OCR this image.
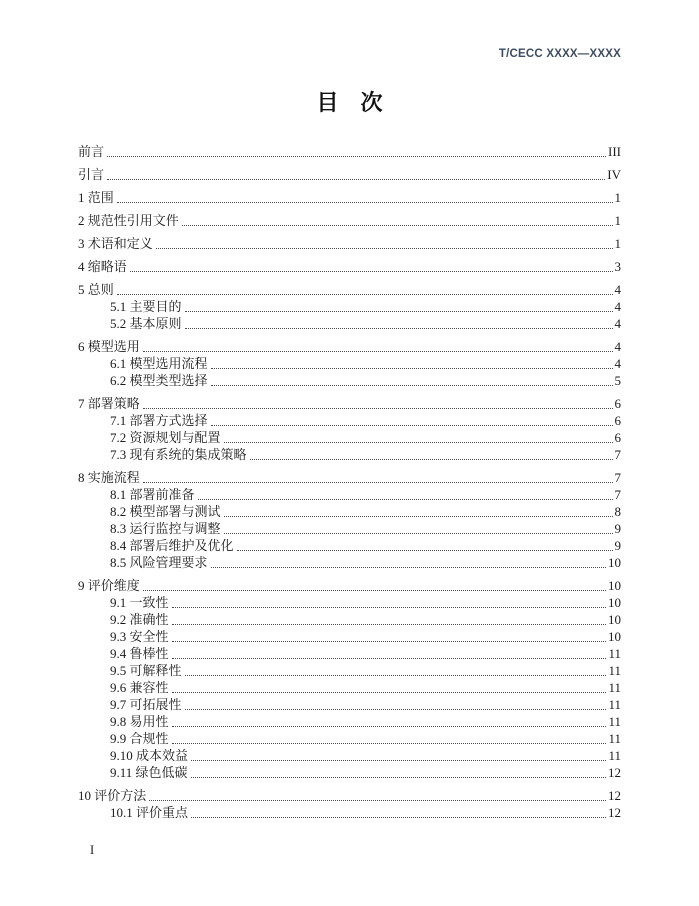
T/CECC XXXX—XXXX
目　次
前言	III
引言	IV
1 范围	1
2 规范性引用文件	1
3 术语和定义	1
4 缩略语	3
5 总则	4
5.1 主要目的	4
5.2 基本原则	4
6 模型选用	4
6.1 模型选用流程	4
6.2 模型类型选择	5
7 部署策略	6
7.1 部署方式选择	6
7.2 资源规划与配置	6
7.3 现有系统的集成策略	7
8 实施流程	7
8.1 部署前准备	7
8.2 模型部署与测试	8
8.3 运行监控与调整	9
8.4 部署后维护及优化	9
8.5 风险管理要求	10
9 评价维度	10
9.1 一致性	10
9.2 准确性	10
9.3 安全性	10
9.4 鲁棒性	11
9.5 可解释性	11
9.6 兼容性	11
9.7 可拓展性	11
9.8 易用性	11
9.9 合规性	11
9.10 成本效益	11
9.11 绿色低碳	12
10 评价方法	12
10.1 评价重点	12
I
